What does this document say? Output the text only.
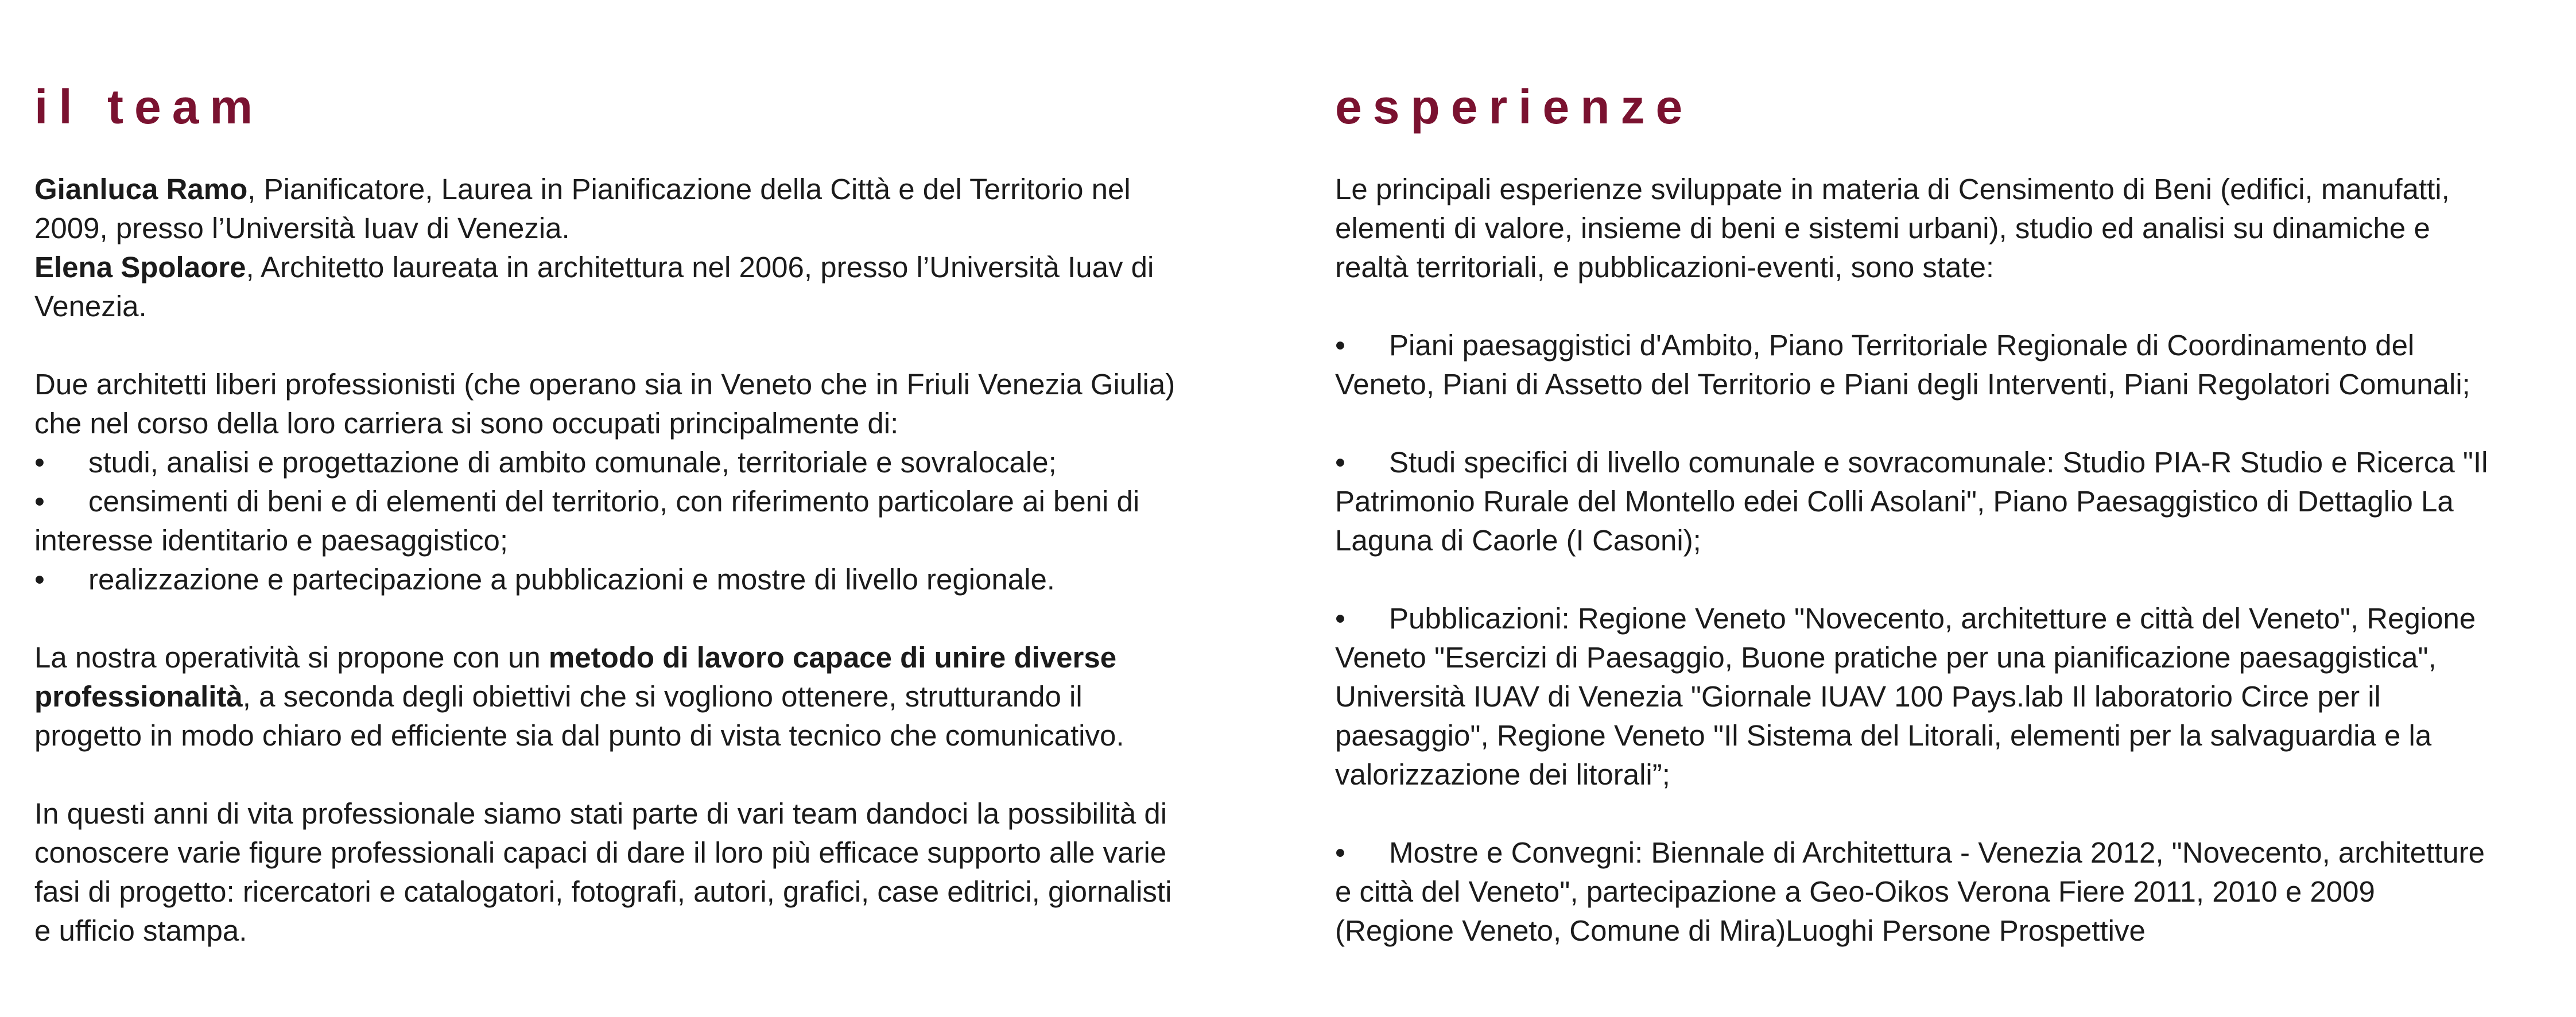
il team
Gianluca Ramo, Pianificatore, Laurea in Pianificazione della Città e del Territorio nel
2009, presso l’Università Iuav di Venezia.
Elena Spolaore, Architetto laureata in architettura nel 2006, presso l’Università Iuav di
Venezia.
Due architetti liberi professionisti (che operano sia in Veneto che in Friuli Venezia Giulia)
che nel corso della loro carriera si sono occupati principalmente di:
• studi, analisi e progettazione di ambito comunale, territoriale e sovralocale;
• censimenti di beni e di elementi del territorio, con riferimento particolare ai beni di
interesse identitario e paesaggistico;
• realizzazione e partecipazione a pubblicazioni e mostre di livello regionale.
La nostra operatività si propone con un metodo di lavoro capace di unire diverse
professionalità, a seconda degli obiettivi che si vogliono ottenere, strutturando il
progetto in modo chiaro ed efficiente sia dal punto di vista tecnico che comunicativo.
In questi anni di vita professionale siamo stati parte di vari team dandoci la possibilità di
conoscere varie figure professionali capaci di dare il loro più efficace supporto alle varie
fasi di progetto: ricercatori e catalogatori, fotografi, autori, grafici, case editrici, giornalisti
e ufficio stampa.
esperienze
Le principali esperienze sviluppate in materia di Censimento di Beni (edifici, manufatti,
elementi di valore, insieme di beni e sistemi urbani), studio ed analisi su dinamiche e
realtà territoriali, e pubblicazioni-eventi, sono state:
• Piani paesaggistici d'Ambito, Piano Territoriale Regionale di Coordinamento del
Veneto, Piani di Assetto del Territorio e Piani degli Interventi, Piani Regolatori Comunali;
• Studi specifici di livello comunale e sovracomunale: Studio PIA-R Studio e Ricerca "Il
Patrimonio Rurale del Montello edei Colli Asolani", Piano Paesaggistico di Dettaglio La
Laguna di Caorle (I Casoni);
• Pubblicazioni: Regione Veneto "Novecento, architetture e città del Veneto", Regione
Veneto "Esercizi di Paesaggio, Buone pratiche per una pianificazione paesaggistica",
Università IUAV di Venezia "Giornale IUAV 100 Pays.lab Il laboratorio Circe per il
paesaggio", Regione Veneto "Il Sistema del Litorali, elementi per la salvaguardia e la
valorizzazione dei litorali”;
• Mostre e Convegni: Biennale di Architettura - Venezia 2012, "Novecento, architetture
e città del Veneto", partecipazione a Geo-Oikos Verona Fiere 2011, 2010 e 2009
(Regione Veneto, Comune di Mira)Luoghi Persone Prospettive
